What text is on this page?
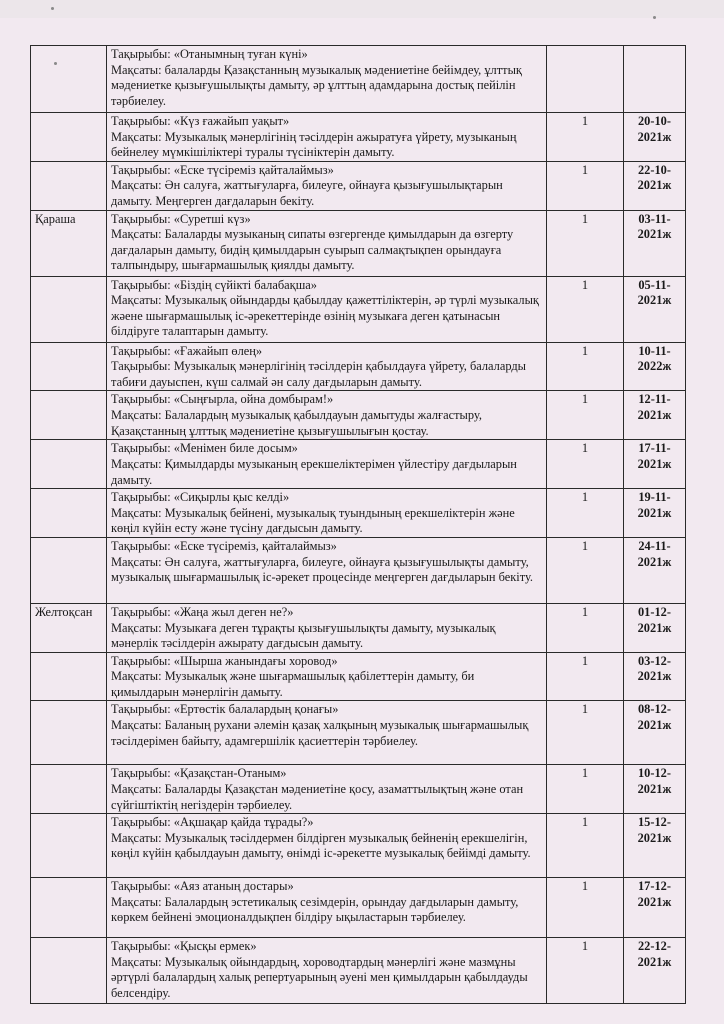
	Тақырыбы: «Отанымның туған күні»
Мақсаты: балаларды Қазақстанның музыкалық мәдениетіне бейімдеу, ұлттық мәдениетке қызығушылықты дамыту, әр ұлттың адамдарына достық пейілін тәрбиелеу.		

	Тақырыбы: «Күз ғажайып уақыт»
Мақсаты: Музыкалық мәнерлігінің тәсілдерін ажыратуға үйрету, музыканың бейнелеу мүмкішіліктері туралы түсініктерін дамыту.	1	20-10-
2021ж

	Тақырыбы: «Еске түсіреміз қайталаймыз»
Мақсаты: Ән салуға, жаттығуларға, билеуге, ойнауға қызығушылықтарын дамыту. Меңгерген дағдаларын бекіту.	1	22-10-
2021ж

Қараша	Тақырыбы: «Суретші күз»
Мақсаты: Балаларды музыканың сипаты өзгергенде қимылдарын да өзгерту дағдаларын дамыту, бидің қимылдарын суырып салмақтықпен орындауға талпындыру, шығармашылық қиялды дамыту.	1	03-11-
2021ж

	Тақырыбы: «Біздің сүйікті балабақша»
Мақсаты: Музыкалық ойындарды қабылдау қажеттіліктерін, әр түрлі музыкалық жәене шығармашылық іс-әрекеттерінде өзінің музыкаға деген қатынасын білдіруге талаптарын дамыту.	1	05-11-
2021ж

	Тақырыбы: «Ғажайып өлең»
Тақырыбы: Музыкалық мәнерлігінің тәсілдерін қабылдауға үйрету, балаларды табиғи дауыспен, күш салмай ән салу дағдыларын дамыту.	1	10-11-
2022ж

	Тақырыбы: «Сыңғырла, ойна домбырам!»
Мақсаты: Балалардың музыкалық қабылдауын дамытуды жалғастыру, Қазақстанның ұлттық мәдениетіне қызығушылығын қостау.	1	12-11-
2021ж

	Тақырыбы: «Менімен биле досым»
Мақсаты: Қимылдарды музыканың ерекшеліктерімен үйлестіру дағдыларын дамыту.	1	17-11-
2021ж

	Тақырыбы: «Сиқырлы қыс келді»
Мақсаты: Музыкалық бейнені, музыкалық туындының ерекшеліктерін және көңіл күйін есту және түсіну дағдысын дамыту.	1	19-11-
2021ж

	Тақырыбы: «Еске түсіреміз, қайталаймыз»
Мақсаты: Ән салуға, жаттығуларға, билеуге, ойнауға қызығушылықты дамыту, музыкалық шығармашылық іс-әрекет процесінде меңгерген дағдыларын бекіту.	1	24-11-
2021ж

Желтоқсан	Тақырыбы: «Жаңа жыл деген не?»
Мақсаты: Музыкаға деген тұрақты қызығушылықты дамыту, музыкалық мәнерлік тәсілдерін ажырату дағдысын дамыту.	1	01-12-
2021ж

	Тақырыбы: «Шырша жанындағы хоровод»
Мақсаты: Музыкалық және шығармашылық қабілеттерін дамыту, би қимылдарын мәнерлігін дамыту.	1	03-12-
2021ж

	Тақырыбы: «Ертөстік балалардың қонағы»
Мақсаты: Баланың рухани әлемін қазақ халқының музыкалық шығармашылық тәсілдерімен байыту, адамгершілік қасиеттерін тәрбиелеу.	1	08-12-
2021ж

	Тақырыбы: «Қазақстан-Отаным»
Мақсаты: Балаларды Қазақстан мәдениетіне қосу, азаматтылықтың және отан сүйгіштіктің негіздерін тәрбиелеу.	1	10-12-
2021ж

	Тақырыбы: «Ақшақар қайда тұрады?»
Мақсаты: Музыкалық тәсілдермен білдірген музыкалық бейненің ерекшелігін, көңіл күйін қабылдауын дамыту, өнімді іс-әрекетте музыкалық бейімді дамыту.	1	15-12-
2021ж

	Тақырыбы: «Аяз атаның достары»
Мақсаты: Балалардың эстетикалық сезімдерін, орындау дағдыларын дамыту, көркем бейнені эмоционалдықпен білдіру ықыластарын тәрбиелеу.	1	17-12-
2021ж

	Тақырыбы: «Қысқы ермек»
Мақсаты: Музыкалық ойындардың, хороводтардың мәнерлігі және мазмұны әртүрлі балалардың халық репертуарының әуені мен қимылдарын қабылдауды белсендіру.	1	22-12-
2021ж
